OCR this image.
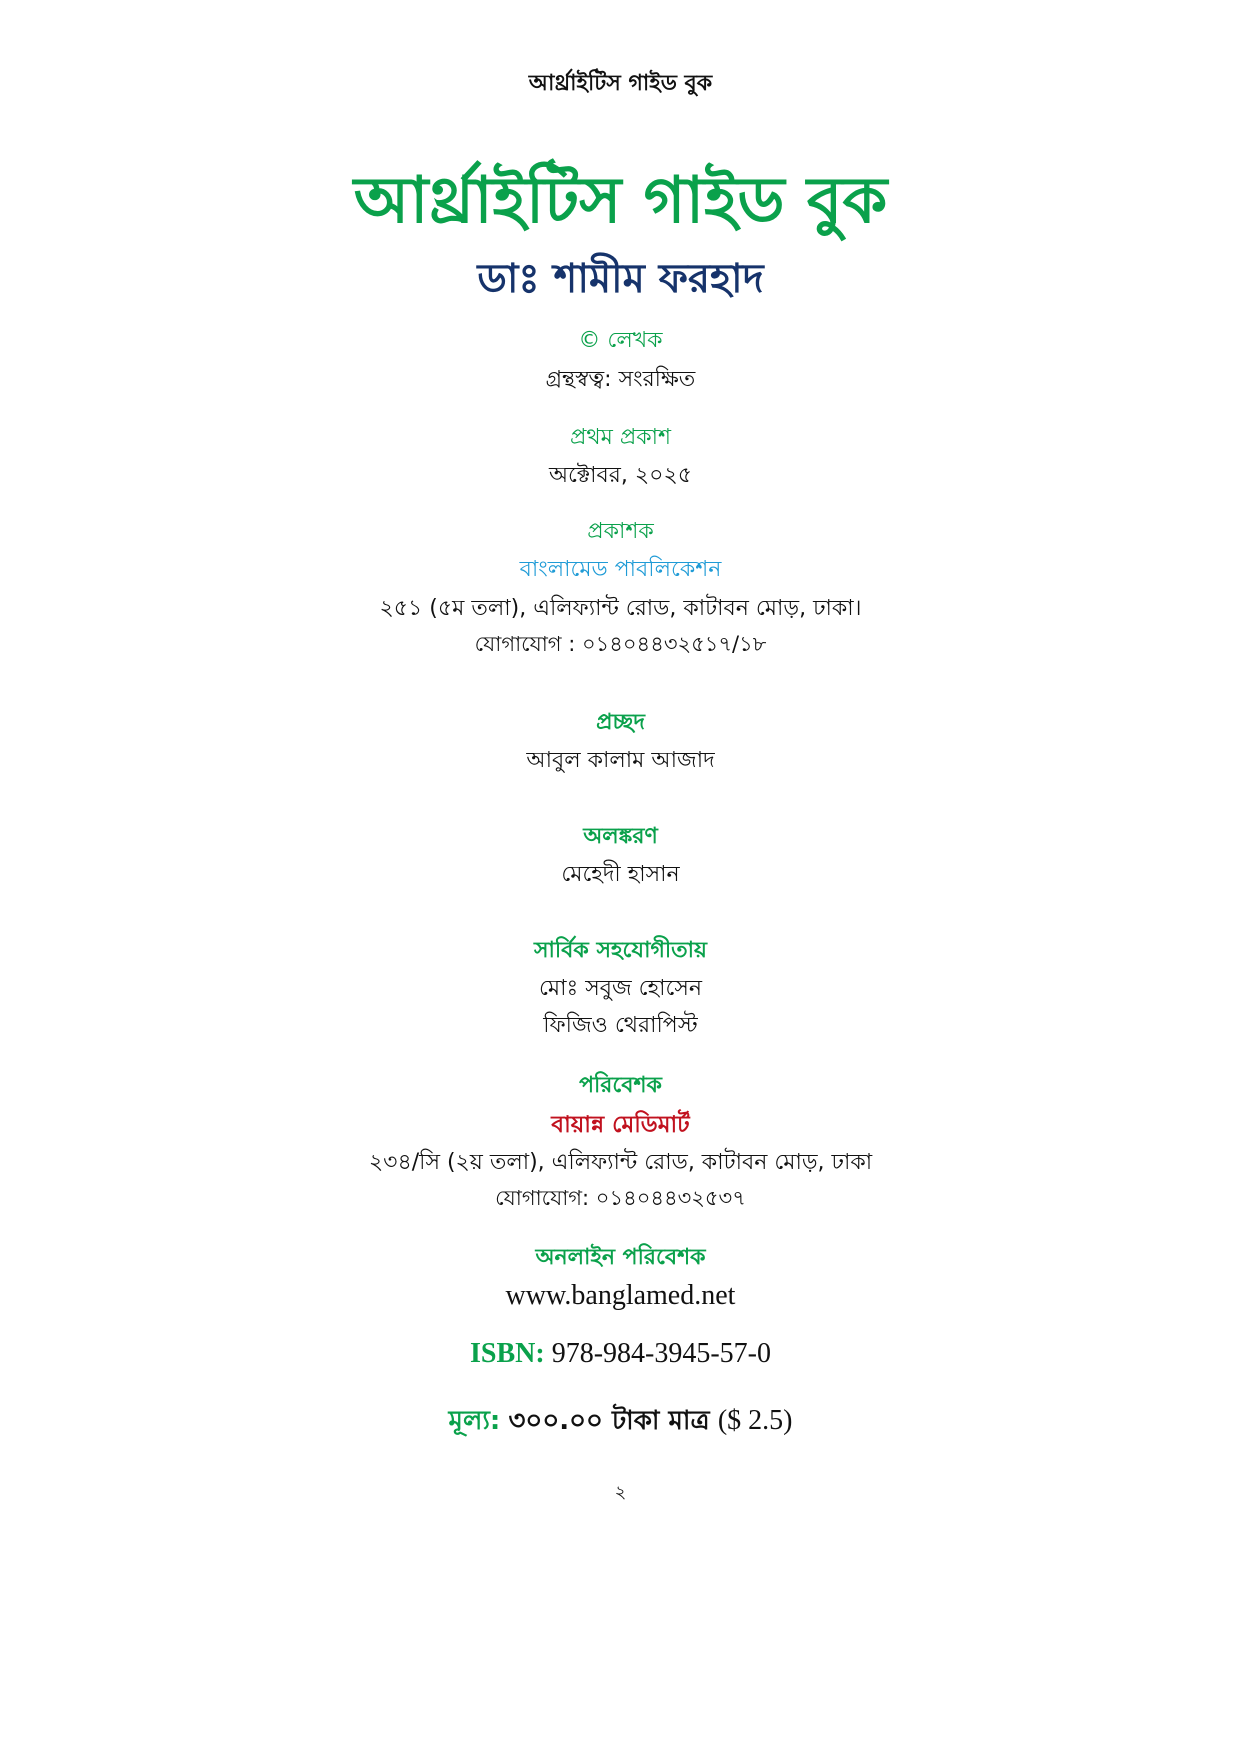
আর্থ্রাইটিস গাইড বুক
আর্থ্রাইটিস গাইড বুক
ডাঃ শামীম ফরহাদ
© লেখক
গ্রন্থস্বত্ব: সংরক্ষিত
প্রথম প্রকাশ
অক্টোবর, ২০২৫
প্রকাশক
বাংলামেড পাবলিকেশন
২৫১ (৫ম তলা), এলিফ্যান্ট রোড, কাটাবন মোড়, ঢাকা।
যোগাযোগ : ০১৪০৪৪৩২৫১৭/১৮
প্রচ্ছদ
আবুল কালাম আজাদ
অলঙ্করণ
মেহেদী হাসান
সার্বিক সহযোগীতায়
মোঃ সবুজ হোসেন
ফিজিও থেরাপিস্ট
পরিবেশক
বায়ান্ন মেডিমার্ট
২৩৪/সি (২য় তলা), এলিফ্যান্ট রোড, কাটাবন মোড়, ঢাকা
যোগাযোগ: ০১৪০৪৪৩২৫৩৭
অনলাইন পরিবেশক
www.banglamed.net
ISBN: 978-984-3945-57-0
মূল্য: ৩০০.০০ টাকা মাত্র ($ 2.5)
২
